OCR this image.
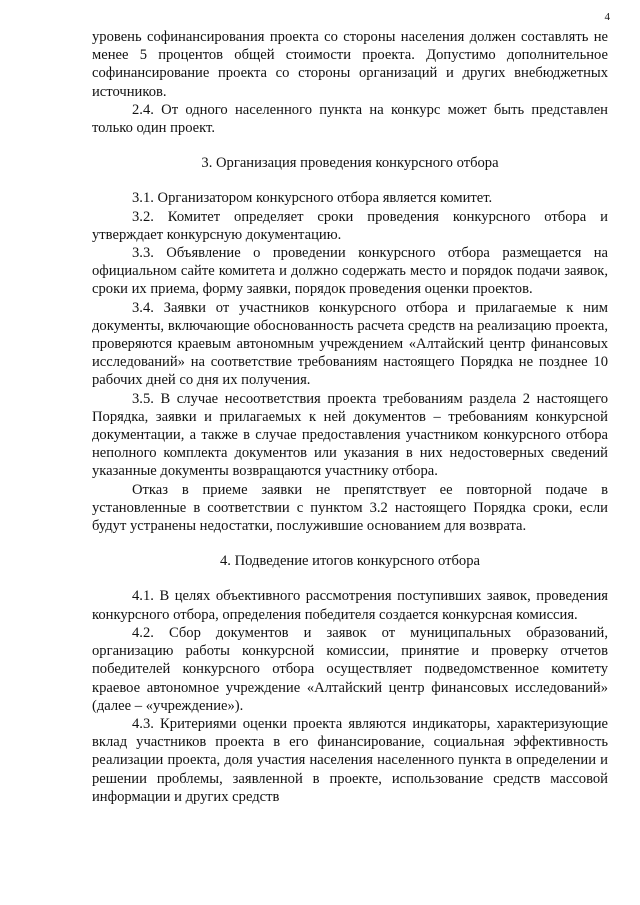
4

уровень софинансирования проекта со стороны населения должен составлять не менее 5 процентов общей стоимости проекта. Допустимо дополнительное софинансирование проекта со стороны организаций и других внебюджетных источников.

2.4. От одного населенного пункта на конкурс может быть представлен только один проект.

3. Организация проведения конкурсного отбора

3.1. Организатором конкурсного отбора является комитет.

3.2. Комитет определяет сроки проведения конкурсного отбора и утверждает конкурсную документацию.

3.3. Объявление о проведении конкурсного отбора размещается на официальном сайте комитета и должно содержать место и порядок подачи заявок, сроки их приема, форму заявки, порядок проведения оценки проектов.

3.4. Заявки от участников конкурсного отбора и прилагаемые к ним документы, включающие обоснованность расчета средств на реализацию проекта, проверяются краевым автономным учреждением «Алтайский центр финансовых исследований» на соответствие требованиям настоящего Порядка не позднее 10 рабочих дней со дня их получения.

3.5. В случае несоответствия проекта требованиям раздела 2 настоящего Порядка, заявки и прилагаемых к ней документов – требованиям конкурсной документации, а также в случае предоставления участником конкурсного отбора неполного комплекта документов или указания в них недостоверных сведений указанные документы возвращаются участнику отбора.

Отказ в приеме заявки не препятствует ее повторной подаче в установленные в соответствии с пунктом 3.2 настоящего Порядка сроки, если будут устранены недостатки, послужившие основанием для возврата.

4. Подведение итогов конкурсного отбора

4.1. В целях объективного рассмотрения поступивших заявок, проведения конкурсного отбора, определения победителя создается конкурсная комиссия.

4.2. Сбор документов и заявок от муниципальных образований, организацию работы конкурсной комиссии, принятие и проверку отчетов победителей конкурсного отбора осуществляет подведомственное комитету краевое автономное учреждение «Алтайский центр финансовых исследований» (далее – «учреждение»).

4.3. Критериями оценки проекта являются индикаторы, характеризующие вклад участников проекта в его финансирование, социальная эффективность реализации проекта, доля участия населения населенного пункта в определении и решении проблемы, заявленной в проекте, использование средств массовой информации и других средств
